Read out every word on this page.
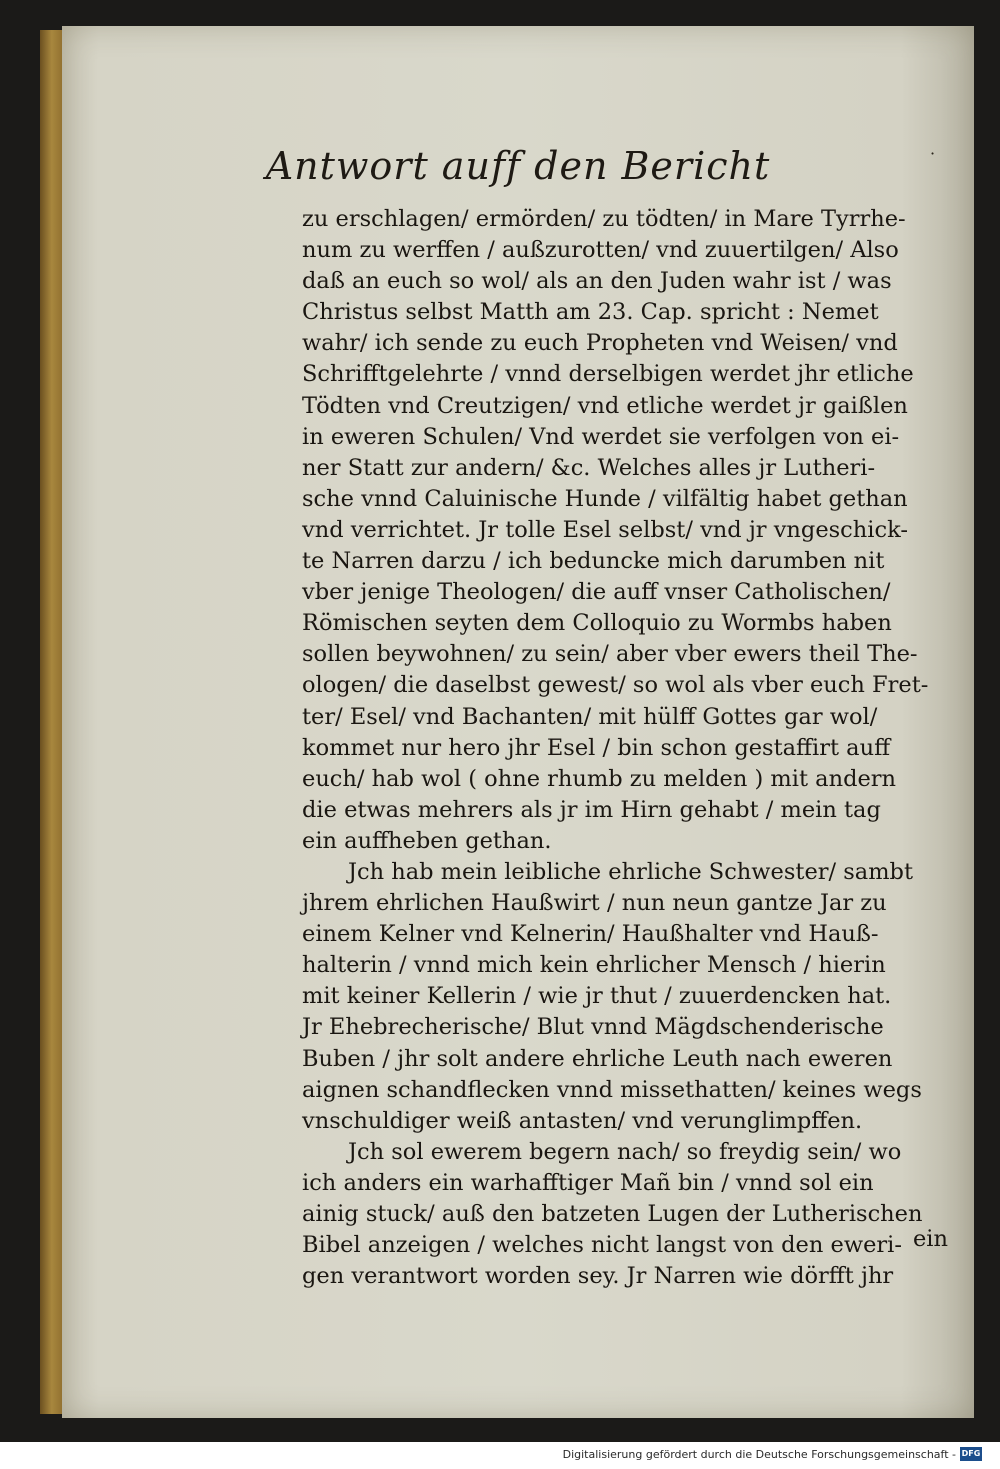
Antwort auff den Bericht	·
zu erschlagen/ ermörden/ zu tödten/ in Mare Tyrrhe-
num zu werffen / außzurotten/ vnd zuuertilgen/ Also
daß an euch so wol/ als an den Juden wahr ist / was
Christus selbst Matth am 23. Cap. spricht : Nemet
wahr/ ich sende zu euch Propheten vnd Weisen/ vnd
Schrifftgelehrte / vnnd derselbigen werdet jhr etliche
Tödten vnd Creutzigen/ vnd etliche werdet jr gaißlen
in eweren Schulen/ Vnd werdet sie verfolgen von ei-
ner Statt zur andern/ &c. Welches alles jr Lutheri-
sche vnnd Caluinische Hunde / vilfältig habet gethan
vnd verrichtet. Jr tolle Esel selbst/ vnd jr vngeschick-
te Narren darzu / ich beduncke mich darumben nit
vber jenige Theologen/ die auff vnser Catholischen/
Römischen seyten dem Colloquio zu Wormbs haben
sollen beywohnen/ zu sein/ aber vber ewers theil The-
ologen/ die daselbst gewest/ so wol als vber euch Fret-
ter/ Esel/ vnd Bachanten/ mit hülff Gottes gar wol/
kommet nur hero jhr Esel / bin schon gestaffirt auff
euch/ hab wol ( ohne rhumb zu melden ) mit andern
die etwas mehrers als jr im Hirn gehabt / mein tag
ein auffheben gethan.
Jch hab mein leibliche ehrliche Schwester/ sambt
jhrem ehrlichen Haußwirt / nun neun gantze Jar zu
einem Kelner vnd Kelnerin/ Haußhalter vnd Hauß-
halterin / vnnd mich kein ehrlicher Mensch / hierin
mit keiner Kellerin / wie jr thut / zuuerdencken hat.
Jr Ehebrecherische/ Blut vnnd Mägdschenderische
Buben / jhr solt andere ehrliche Leuth nach eweren
aignen schandflecken vnnd missethatten/ keines wegs
vnschuldiger weiß antasten/ vnd verunglimpffen.
Jch sol ewerem begern nach/ so freydig sein/ wo
ich anders ein warhafftiger Mañ bin / vnnd sol ein
ainig stuck/ auß den batzeten Lugen der Lutherischen
Bibel anzeigen / welches nicht langst von den eweri-
gen verantwort worden sey. Jr Narren wie dörfft jhr
ein
Digitalisierung gefördert durch die Deutsche Forschungsgemeinschaft - DFG
